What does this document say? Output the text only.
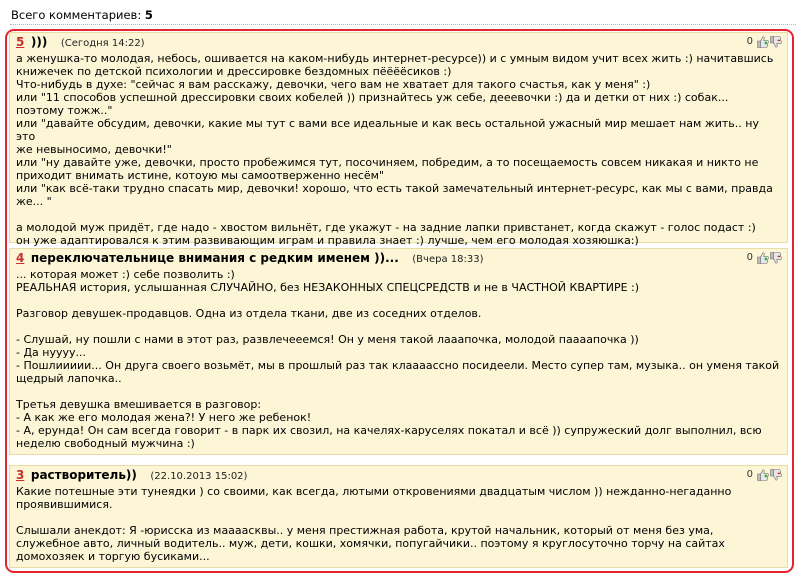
Всего комментариев: 5
5 ))) (Сегодня 14:22)	0
а женушка-то молодая, небось, ошивается на каком-нибудь интернет-ресурсе)) и с умным видом учит всех жить :) начитавшись
книжечек по детской психологии и дрессировке бездомных пёёёёсиков :)
Что-нибудь в духе: "сейчас я вам расскажу, девочки, чего вам не хватает для такого счастья, как у меня" :)
или "11 способов успешной дрессировки своих кобелей )) признайтесь уж себе, дееевочки :) да и детки от них :) собак...
поэтому тожж.."
или "давайте обсудим, девочки, какие мы тут с вами все идеальные и как весь остальной ужасный мир мешает нам жить.. ну это
же невыносимо, девочки!"
или "ну давайте уже, девочки, просто пробежимся тут, посочиняем, побредим, а то посещаемость совсем никакая и никто не
приходит внимать истине, котоую мы самоотверженно несём"
или "как всё-таки трудно спасать мир, девочки! хорошо, что есть такой замечательный интернет-ресурс, как мы с вами, правда
же... "

а молодой муж придёт, где надо - хвостом вильнёт, где укажут - на задние лапки привстанет, когда скажут - голос подаст :)
он уже адаптировался к этим развивающим играм и правила знает :) лучше, чем его молодая хозяюшка:)
4 переключательнице внимания с редким именем ))... (Вчера 18:33)	0
... которая может :) себе позволить :)
РЕАЛЬНАЯ история, услышанная СЛУЧАЙНО, без НЕЗАКОННЫХ СПЕЦСРЕДСТВ и не в ЧАСТНОЙ КВАРТИРЕ :)

Разговор девушек-продавцов. Одна из отдела ткани, две из соседних отделов.

- Слушай, ну пошли с нами в этот раз, развлечееемся! Он у меня такой лааапочка, молодой паааапочка ))
- Да нуууу...
- Пошлиииии... Он друга своего возьмёт, мы в прошлый раз так клаааассно посидеели. Место супер там, музыка.. он уменя такой
щедрый лапочка..

Третья девушка вмешивается в разговор:
- А как же его молодая жена?! У него же ребенок!
- А, ерунда! Он сам всегда говорит - в парк их свозил, на качелях-каруселях покатал и всё )) супружеский долг выполнил, всю
неделю свободный мужчина :)
3 растворитель)) (22.10.2013 15:02)	0
Какие потешные эти тунеядки ) со своими, как всегда, лютыми откровениями двадцатым числом )) нежданно-негаданно
проявившимися.

Слышали анекдот: Я -юрисска из маааасквы.. у меня престижная работа, крутой начальник, который от меня без ума,
служебное авто, личный водитель.. муж, дети, кошки, хомячки, попугайчики.. поэтому я круглосуточно торчу на сайтах
домохозяек и торгую бусиками...
